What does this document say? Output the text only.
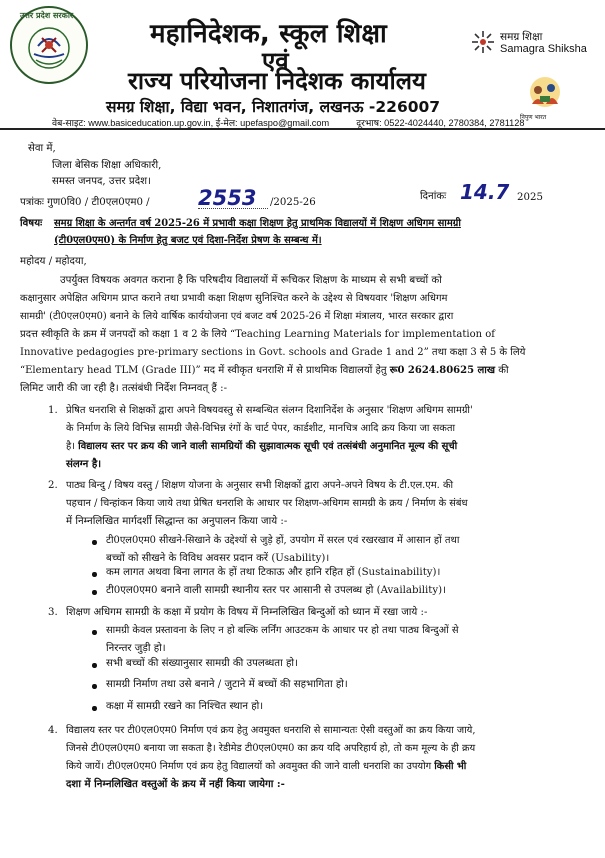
उत्तर प्रदेश सरकार
महानिदेशक, स्कूल शिक्षा
एवं
राज्य परियोजना निदेशक कार्यालय
समग्र शिक्षा, विद्या भवन, निशातगंज, लखनऊ -226007
समग्र शिक्षा
Samagra Shiksha
निपुण भारत
वेब-साइट: www.basiceducation.up.gov.in, ई-मेल: upefaspo@gmail.com	दूरभाष: 0522-4024440, 2780384, 2781128
सेवा में,
जिला बेसिक शिक्षा अधिकारी,
समस्त जनपद, उत्तर प्रदेश।
पत्रांकः गुण0वि0 / टी0एल0एम0 / 2553 /2025-26
दिनांकः 14.7 2025
विषयः समग्र शिक्षा के अन्तर्गत वर्ष 2025-26 में प्रभावी कक्षा शिक्षण हेतु प्राथमिक विद्यालयों में शिक्षण अधिगम सामग्री
(टी0एल0एम0) के निर्माण हेतु बजट एवं दिशा-निर्देश प्रेषण के सम्बन्ध में।
महोदय / महोदया,
उपर्युक्त विषयक अवगत कराना है कि परिषदीय विद्यालयों में रूचिकर शिक्षण के माध्यम से सभी बच्चों को
कक्षानुसार अपेक्षित अधिगम प्राप्त कराने तथा प्रभावी कक्षा शिक्षण सुनिश्चित करने के उद्देश्य से विषयवार 'शिक्षण अधिगम
सामग्री' (टी0एल0एम0) बनाने के लिये वार्षिक कार्ययोजना एवं बजट वर्ष 2025-26 में शिक्षा मंत्रालय, भारत सरकार द्वारा
प्रदत्त स्वीकृति के क्रम में जनपदों को कक्षा 1 व 2 के लिये “Teaching Learning Materials for implementation of
Innovative pedagogies pre-primary sections in Govt. schools and Grade 1 and 2” तथा कक्षा 3 से 5 के लिये
“Elementary head TLM (Grade III)” मद में स्वीकृत धनराशि में से प्राथमिक विद्यालयों हेतु रू0 2624.80625 लाख की
लिमिट जारी की जा रही है। तत्संबंधी निर्देश निम्नवत् हैं :-
1. प्रेषित धनराशि से शिक्षकों द्वारा अपने विषयवस्तु से सम्बन्धित संलग्न दिशानिर्देश के अनुसार 'शिक्षण अधिगम सामग्री'
के निर्माण के लिये विभिन्न सामग्री जैसे-विभिन्न रंगों के चार्ट पेपर, कार्डशीट, मानचित्र आदि क्रय किया जा सकता
है। विद्यालय स्तर पर क्रय की जाने वाली सामग्रियों की सुझावात्मक सूची एवं तत्संबंधी अनुमानित मूल्य की सूची
संलग्न है।
2. पाठ्य बिन्दु / विषय वस्तु / शिक्षण योजना के अनुसार सभी शिक्षकों द्वारा अपने-अपने विषय के टी.एल.एम. की
पहचान / चिन्हांकन किया जाये तथा प्रेषित धनराशि के आधार पर शिक्षण-अधिगम सामग्री के क्रय / निर्माण के संबंध
में निम्नलिखित मार्गदर्शी सिद्धान्त का अनुपालन किया जाये :-
टी0एल0एम0 सीखने-सिखाने के उद्देश्यों से जुड़े हों, उपयोग में सरल एवं रखरखाव में आसान हों तथा
बच्चों को सीखने के विविध अवसर प्रदान करें (Usability)।
कम लागत अथवा बिना लागत के हों तथा टिकाऊ और हानि रहित हों (Sustainability)।
टी0एल0एम0 बनाने वाली सामग्री स्थानीय स्तर पर आसानी से उपलब्ध हो (Availability)।
3. शिक्षण अधिगम सामग्री के कक्षा में प्रयोग के विषय में निम्नलिखित बिन्दुओं को ध्यान में रखा जाये :-
सामग्री केवल प्रस्तावना के लिए न हो बल्कि लर्निंग आउटकम के आधार पर हो तथा पाठ्य बिन्दुओं से
निरन्तर जुड़ी हो।
सभी बच्चों की संख्यानुसार सामग्री की उपलब्धता हो।
सामग्री निर्माण तथा उसे बनाने / जुटाने में बच्चों की सहभागिता हो।
कक्षा में सामग्री रखने का निश्चित स्थान हो।
4. विद्यालय स्तर पर टी0एल0एम0 निर्माण एवं क्रय हेतु अवमुक्त धनराशि से सामान्यतः ऐसी वस्तुओं का क्रय किया जाये,
जिनसे टी0एल0एम0 बनाया जा सकता है। रेडीमेड टी0एल0एम0 का क्रय यदि अपरिहार्य हो, तो कम मूल्य के ही क्रय
किये जायें। टी0एल0एम0 निर्माण एवं क्रय हेतु विद्यालयों को अवमुक्त की जाने वाली धनराशि का उपयोग किसी भी
दशा में निम्नलिखित वस्तुओं के क्रय में नहीं किया जायेगा :-
